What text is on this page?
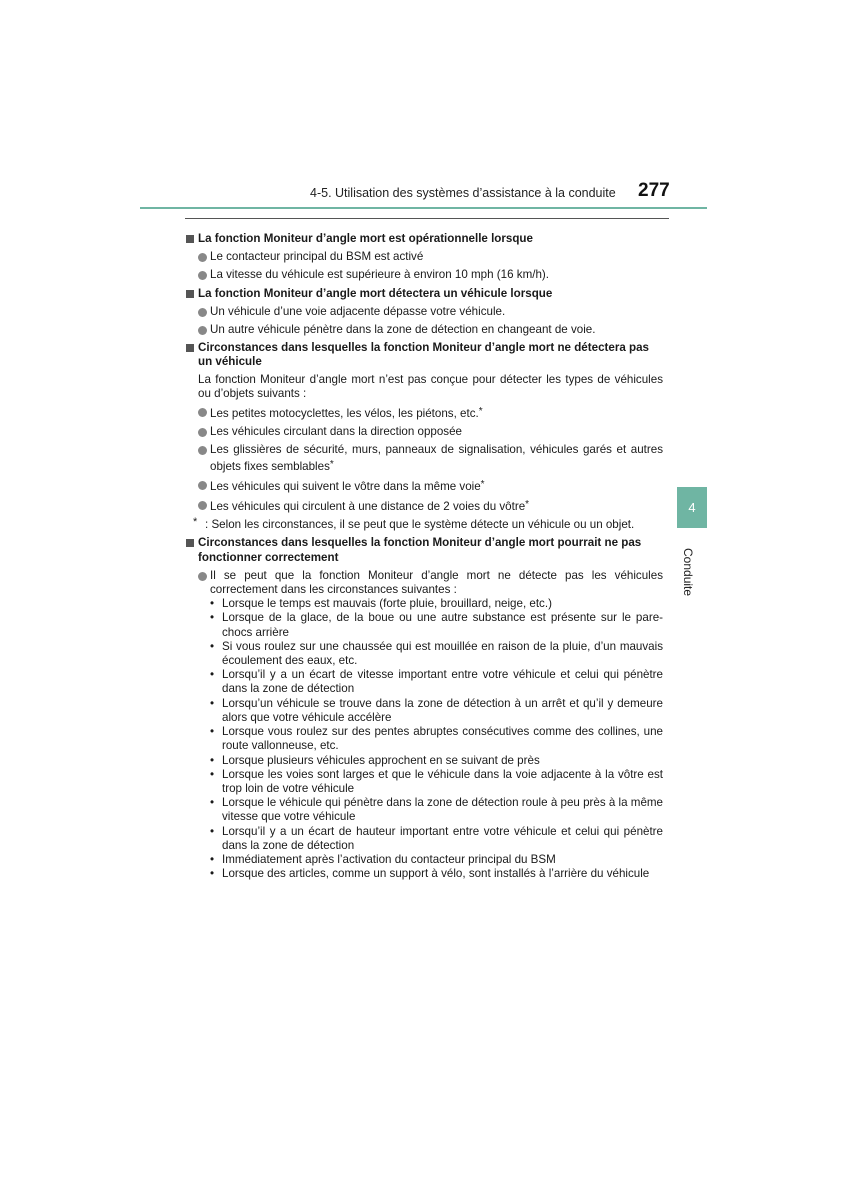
4-5. Utilisation des systèmes d’assistance à la conduite 277
4
Conduite
La fonction Moniteur d’angle mort est opérationnelle lorsque
Le contacteur principal du BSM est activé
La vitesse du véhicule est supérieure à environ 10 mph (16 km/h).
La fonction Moniteur d’angle mort détectera un véhicule lorsque
Un véhicule d’une voie adjacente dépasse votre véhicule.
Un autre véhicule pénètre dans la zone de détection en changeant de voie.
Circonstances dans lesquelles la fonction Moniteur d’angle mort ne détectera pas un véhicule
La fonction Moniteur d’angle mort n’est pas conçue pour détecter les types de véhicules ou d’objets suivants :
Les petites motocyclettes, les vélos, les piétons, etc.*
Les véhicules circulant dans la direction opposée
Les glissières de sécurité, murs, panneaux de signalisation, véhicules garés et autres objets fixes semblables*
Les véhicules qui suivent le vôtre dans la même voie*
Les véhicules qui circulent à une distance de 2 voies du vôtre*
* : Selon les circonstances, il se peut que le système détecte un véhicule ou un objet.
Circonstances dans lesquelles la fonction Moniteur d’angle mort pourrait ne pas fonctionner correctement
Il se peut que la fonction Moniteur d’angle mort ne détecte pas les véhicules correctement dans les circonstances suivantes :
• Lorsque le temps est mauvais (forte pluie, brouillard, neige, etc.)
• Lorsque de la glace, de la boue ou une autre substance est présente sur le pare-chocs arrière
• Si vous roulez sur une chaussée qui est mouillée en raison de la pluie, d’un mauvais écoulement des eaux, etc.
• Lorsqu’il y a un écart de vitesse important entre votre véhicule et celui qui pénètre dans la zone de détection
• Lorsqu’un véhicule se trouve dans la zone de détection à un arrêt et qu’il y demeure alors que votre véhicule accélère
• Lorsque vous roulez sur des pentes abruptes consécutives comme des collines, une route vallonneuse, etc.
• Lorsque plusieurs véhicules approchent en se suivant de près
• Lorsque les voies sont larges et que le véhicule dans la voie adjacente à la vôtre est trop loin de votre véhicule
• Lorsque le véhicule qui pénètre dans la zone de détection roule à peu près à la même vitesse que votre véhicule
• Lorsqu’il y a un écart de hauteur important entre votre véhicule et celui qui pénètre dans la zone de détection
• Immédiatement après l’activation du contacteur principal du BSM
• Lorsque des articles, comme un support à vélo, sont installés à l’arrière du véhicule
